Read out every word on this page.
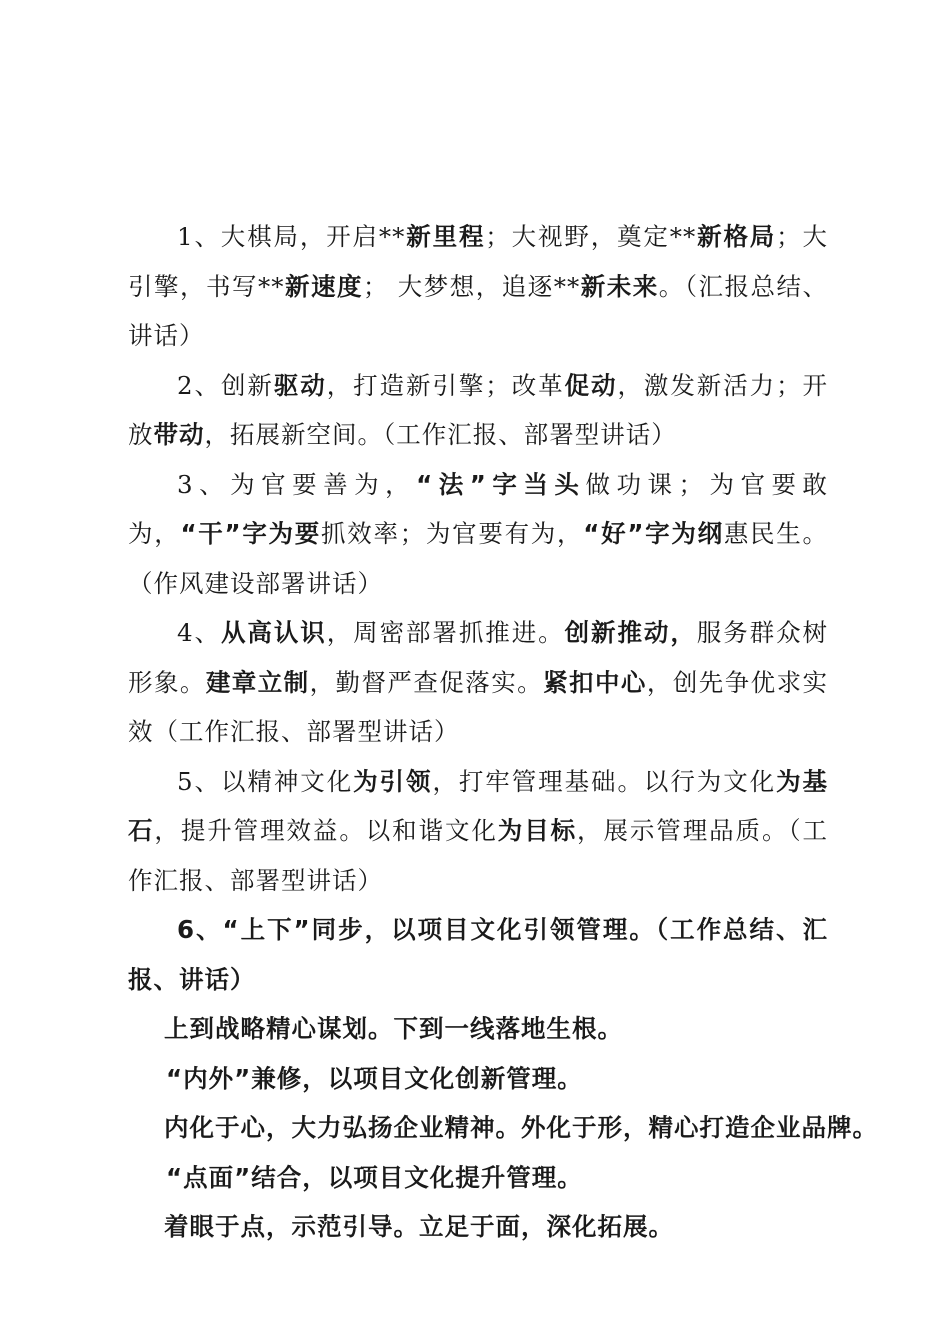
1、大棋局，开启**新里程；大视野，奠定**新格局；大引擎，书写**新速度； 大梦想，追逐**新未来。（汇报总结、讲话）

2、创新驱动，打造新引擎；改革促动，激发新活力；开放带动，拓展新空间。（工作汇报、部署型讲话）

3、为官要善为，“法”字当头做功课；为官要敢为，“干”字为要抓效率；为官要有为，“好”字为纲惠民生。（作风建设部署讲话）

4、从高认识，周密部署抓推进。创新推动，服务群众树形象。建章立制，勤督严查促落实。紧扣中心，创先争优求实效（工作汇报、部署型讲话）

5、以精神文化为引领，打牢管理基础。以行为文化为基石，提升管理效益。以和谐文化为目标，展示管理品质。（工作汇报、部署型讲话）

6、“上下”同步，以项目文化引领管理。（工作总结、汇报、讲话）

上到战略精心谋划。下到一线落地生根。

“内外”兼修，以项目文化创新管理。

内化于心，大力弘扬企业精神。外化于形，精心打造企业品牌。

“点面”结合，以项目文化提升管理。

着眼于点，示范引导。立足于面，深化拓展。
